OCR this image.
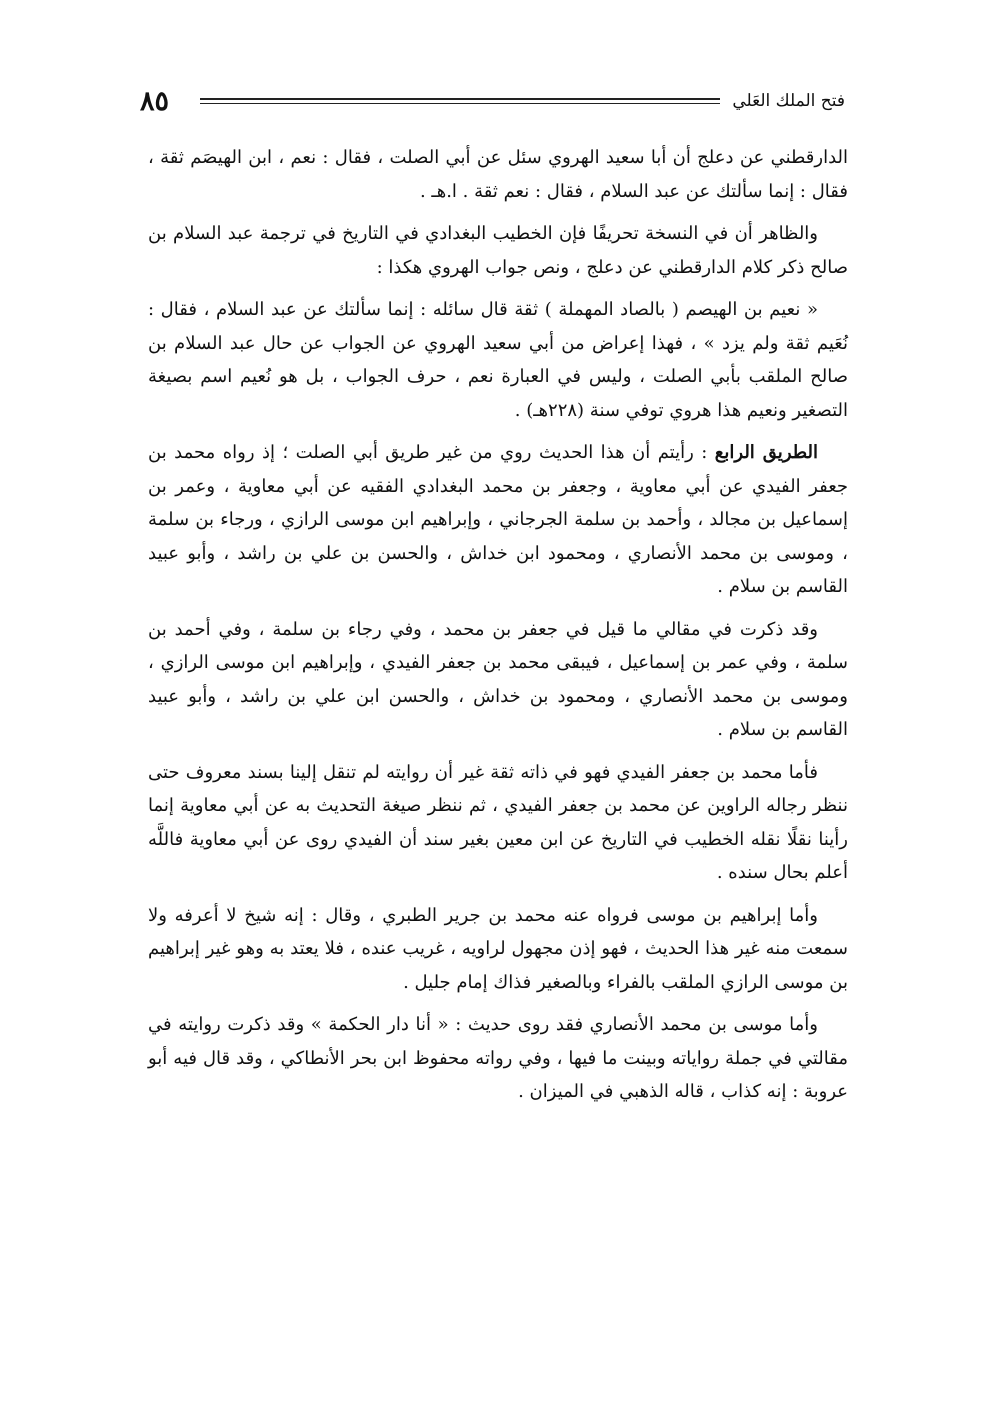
٨٥	فتح الملك العَلي

الدارقطني عن دعلج أن أبا سعيد الهروي سئل عن أبي الصلت ، فقال : نعم ، ابن الهيصَم ثقة ، فقال : إنما سألتك عن عبد السلام ، فقال : نعم ثقة . ا.هـ .

والظاهر أن في النسخة تحريفًا فإن الخطيب البغدادي في التاريخ في ترجمة عبد السلام بن صالح ذكر كلام الدارقطني عن دعلج ، ونص جواب الهروي هكذا :

« نعيم بن الهيصم ( بالصاد المهملة ) ثقة قال سائله : إنما سألتك عن عبد السلام ، فقال : نُعَيم ثقة ولم يزد » ، فهذا إعراض من أبي سعيد الهروي عن الجواب عن حال عبد السلام بن صالح الملقب بأبي الصلت ، وليس في العبارة نعم ، حرف الجواب ، بل هو نُعيم اسم بصيغة التصغير ونعيم هذا هروي توفي سنة (٢٢٨هـ) .

الطريق الرابع : رأيتم أن هذا الحديث روي من غير طريق أبي الصلت ؛ إذ رواه محمد بن جعفر الفيدي عن أبي معاوية ، وجعفر بن محمد البغدادي الفقيه عن أبي معاوية ، وعمر بن إسماعيل بن مجالد ، وأحمد بن سلمة الجرجاني ، وإبراهيم ابن موسى الرازي ، ورجاء بن سلمة ، وموسى بن محمد الأنصاري ، ومحمود ابن خداش ، والحسن بن علي بن راشد ، وأبو عبيد القاسم بن سلام .

وقد ذكرت في مقالي ما قيل في جعفر بن محمد ، وفي رجاء بن سلمة ، وفي أحمد بن سلمة ، وفي عمر بن إسماعيل ، فيبقى محمد بن جعفر الفيدي ، وإبراهيم ابن موسى الرازي ، وموسى بن محمد الأنصاري ، ومحمود بن خداش ، والحسن ابن علي بن راشد ، وأبو عبيد القاسم بن سلام .

فأما محمد بن جعفر الفيدي فهو في ذاته ثقة غير أن روايته لم تنقل إلينا بسند معروف حتى ننظر رجاله الراوين عن محمد بن جعفر الفيدي ، ثم ننظر صيغة التحديث به عن أبي معاوية إنما رأينا نقلًا نقله الخطيب في التاريخ عن ابن معين بغير سند أن الفيدي روى عن أبي معاوية فاللَّه أعلم بحال سنده .

وأما إبراهيم بن موسى فرواه عنه محمد بن جرير الطبري ، وقال : إنه شيخ لا أعرفه ولا سمعت منه غير هذا الحديث ، فهو إذن مجهول لراويه ، غريب عنده ، فلا يعتد به وهو غير إبراهيم بن موسى الرازي الملقب بالفراء وبالصغير فذاك إمام جليل .

وأما موسى بن محمد الأنصاري فقد روى حديث : « أنا دار الحكمة » وقد ذكرت روايته في مقالتي في جملة رواياته وبينت ما فيها ، وفي رواته محفوظ ابن بحر الأنطاكي ، وقد قال فيه أبو عروبة : إنه كذاب ، قاله الذهبي في الميزان .
